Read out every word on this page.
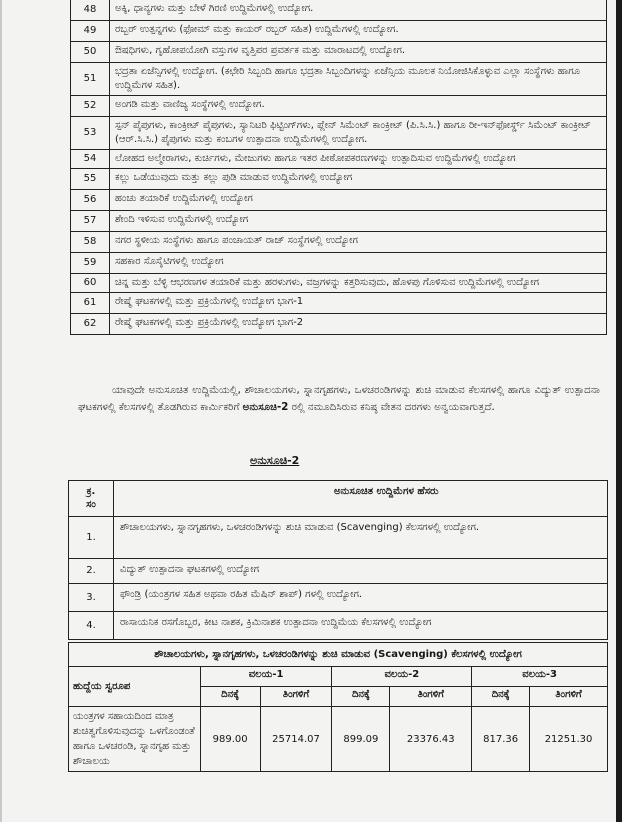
48	ಅಕ್ಕಿ, ಧಾನ್ಯಗಳು ಮತ್ತು ಬೇಳೆ ಗಿರಣಿ ಉದ್ದಿಮೆಗಳಲ್ಲಿ ಉದ್ಯೋಗ.
49	ರಬ್ಬರ್ ಉತ್ಪನ್ನಗಳು (ಫೋಮ್ ಮತ್ತು ಕಾಯರ್ ರಬ್ಬರ್ ಸಹಿತ) ಉದ್ದಿಮೆಗಳಲ್ಲಿ ಉದ್ಯೋಗ.
50	ಔಷಧಿಗಳು, ಗೃಹೋಪಯೋಗಿ ವಸ್ತುಗಳ ವೃತ್ತಿಪರ ಪ್ರವರ್ತಕ ಮತ್ತು ಮಾರಾಟದಲ್ಲಿ ಉದ್ಯೋಗ.
51	ಭದ್ರತಾ ಏಜೆನ್ಸಿಗಳಲ್ಲಿ ಉದ್ಯೋಗ. (ಕಛೇರಿ ಸಿಬ್ಬಂದಿ ಹಾಗೂ ಭದ್ರತಾ ಸಿಬ್ಬಂದಿಗಳನ್ನು ಏಜೆನ್ಸಿಯ ಮೂಲಕ ನಿಯೋಜಿಸಿಕೊಳ್ಳುವ ಎಲ್ಲಾ ಸಂಸ್ಥೆಗಳು ಹಾಗೂ ಉದ್ದಿಮೆಗಳ ಸಹಿತ).
52	ಅಂಗಡಿ ಮತ್ತು ವಾಣಿಜ್ಯ ಸಂಸ್ಥೆಗಳಲ್ಲಿ ಉದ್ಯೋಗ.
53	ಸ್ಪನ್ ಪೈಪುಗಳು, ಕಾಂಕ್ರೀಟ್ ಪೈಪುಗಳು, ಸ್ಯಾನಿಟರಿ ಫಿಟ್ಟಿಂಗ್‌ಗಳು, ಪ್ಲೇನ್ ಸಿಮೆಂಟ್ ಕಾಂಕ್ರೀಟ್ (ಪಿ.ಸಿ.ಸಿ.) ಹಾಗೂ ರೀ-ಇನ್‌ಫೋರ್ಸ್ಡ್ ಸಿಮೆಂಟ್ ಕಾಂಕ್ರೀಟ್ (ಆರ್.ಸಿ.ಸಿ.) ಪೈಪುಗಳು ಮತ್ತು ಕಂಬಗಳ ಉತ್ಪಾದನಾ ಉದ್ದಿಮೆಗಳಲ್ಲಿ ಉದ್ಯೋಗ.
54	ಲೋಹದ ಅಲ್ಮೇರಾಗಳು, ಕುರ್ಚಿಗಳು, ಮೇಜುಗಳು ಹಾಗೂ ಇತರ ಪೀಠೋಪಕರಣಗಳನ್ನು ಉತ್ಪಾದಿಸುವ ಉದ್ದಿಮೆಗಳಲ್ಲಿ ಉದ್ಯೋಗ
55	ಕಲ್ಲು ಒಡೆಯುವುದು ಮತ್ತು ಕಲ್ಲು ಪುಡಿ ಮಾಡುವ ಉದ್ದಿಮೆಗಳಲ್ಲಿ ಉದ್ಯೋಗ
56	ಹಂಚು ತಯಾರಿಕೆ ಉದ್ದಿಮೆಗಳಲ್ಲಿ ಉದ್ಯೋಗ
57	ಶೇಂದಿ ಇಳಿಸುವ ಉದ್ದಿಮೆಗಳಲ್ಲಿ ಉದ್ಯೋಗ
58	ನಗರ ಸ್ಥಳೀಯ ಸಂಸ್ಥೆಗಳು ಹಾಗೂ ಪಂಚಾಯತ್ ರಾಜ್ ಸಂಸ್ಥೆಗಳಲ್ಲಿ ಉದ್ಯೋಗ
59	ಸಹಕಾರ ಸೊಸೈಟಿಗಳಲ್ಲಿ ಉದ್ಯೋಗ
60	ಚಿನ್ನ ಮತ್ತು ಬೆಳ್ಳಿ ಆಭರಣಗಳ ತಯಾರಿಕೆ ಮತ್ತು ಹರಳುಗಳು, ವಜ್ರಗಳನ್ನು ಕತ್ತರಿಸುವುದು, ಹೊಳಪು ಗೊಳಿಸುವ ಉದ್ದಿಮೆಗಳಲ್ಲಿ ಉದ್ಯೋಗ
61	ರೇಷ್ಮೆ ಘಟಕಗಳಲ್ಲಿ ಮತ್ತು ಪ್ರಕ್ರಿಯೆಗಳಲ್ಲಿ ಉದ್ಯೋಗ ಭಾಗ-1
62	ರೇಷ್ಮೆ ಘಟಕಗಳಲ್ಲಿ ಮತ್ತು ಪ್ರಕ್ರಿಯೆಗಳಲ್ಲಿ ಉದ್ಯೋಗ ಭಾಗ-2
ಯಾವುದೇ ಅನುಸೂಚಿತ ಉದ್ದಿಮೆಯಲ್ಲಿ, ಶೌಚಾಲಯಗಳು, ಸ್ನಾನಗೃಹಗಳು, ಒಳಚರಂಡಿಗಳನ್ನು ಶುಚಿ ಮಾಡುವ ಕೆಲಸಗಳಲ್ಲಿ ಹಾಗೂ ವಿದ್ಯುತ್ ಉತ್ಪಾದನಾ ಘಟಕಗಳಲ್ಲಿ ಕೆಲಸಗಳಲ್ಲಿ ತೊಡಗಿರುವ ಕಾರ್ಮಿಕರಿಗೆ ಅನುಸೂಚಿ-2 ರಲ್ಲಿ ನಮೂದಿಸಿರುವ ಕನಿಷ್ಠ ವೇತನ ದರಗಳು ಅನ್ವಯವಾಗುತ್ತದೆ.
ಅನುಸೂಚಿ-2
ಕ್ರ.
ಸಂ	ಅನುಸೂಚಿತ ಉದ್ದಿಮೆಗಳ ಹೆಸರು
1.	ಶೌಚಾಲಯಗಳು, ಸ್ನಾನಗೃಹಗಳು, ಒಳಚರಂಡಿಗಳನ್ನು ಶುಚಿ ಮಾಡುವ (Scavenging) ಕೆಲಸಗಳಲ್ಲಿ ಉದ್ಯೋಗ.
2.	ವಿದ್ಯುತ್ ಉತ್ಪಾದನಾ ಘಟಕಗಳಲ್ಲಿ ಉದ್ಯೋಗ
3.	ಫೌಂಡ್ರಿ (ಯಂತ್ರಗಳ ಸಹಿತ ಅಥವಾ ರಹಿತ ಮೆಷಿನ್ ಶಾಪ್) ಗಳಲ್ಲಿ ಉದ್ಯೋಗ.
4.	ರಾಸಾಯನಿಕ ರಸಗೊಬ್ಬರ, ಕೀಟ ನಾಶಕ, ಕ್ರಿಮಿನಾಶಕ ಉತ್ಪಾದನಾ ಉದ್ದಿಮೆಯ ಕೆಲಸಗಳಲ್ಲಿ ಉದ್ಯೋಗ
ಶೌಚಾಲಯಗಳು, ಸ್ನಾನಗೃಹಗಳು, ಒಳಚರಂಡಿಗಳನ್ನು ಶುಚಿ ಮಾಡುವ (Scavenging) ಕೆಲಸಗಳಲ್ಲಿ ಉದ್ಯೋಗ						
ಹುದ್ದೆಯ ಸ್ವರೂಪ	ವಲಯ-1		ವಲಯ-2		ವಲಯ-3	
	ದಿನಕ್ಕೆ	ತಿಂಗಳಿಗೆ	ದಿನಕ್ಕೆ	ತಿಂಗಳಿಗೆ	ದಿನಕ್ಕೆ	ತಿಂಗಳಿಗೆ
ಯಂತ್ರಗಳ ಸಹಾಯದಿಂದ ಮಾತ್ರ ಶುಚಿತ್ವಗೊಳಿಸುವುದನ್ನು ಒಳಗೊಂಡಂತೆ ಹಾಗೂ ಒಳಚರಂಡಿ, ಸ್ನಾನಗೃಹ ಮತ್ತು ಶೌಚಾಲಯ	989.00	25714.07	899.09	23376.43	817.36	21251.30
